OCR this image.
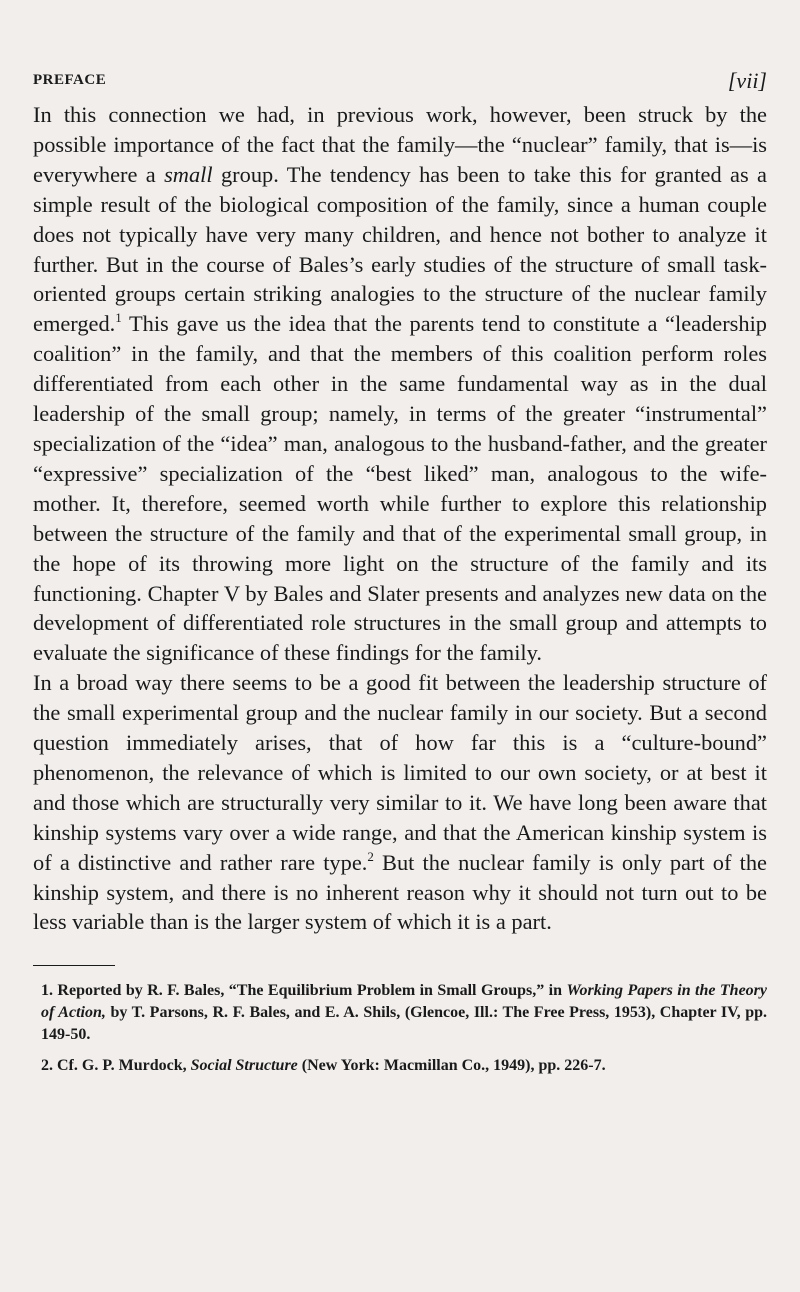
PREFACE	[vii]

In this connection we had, in previous work, however, been struck by the possible importance of the fact that the family—the “nuclear” family, that is—is everywhere a small group. The tendency has been to take this for granted as a simple result of the biological composition of the family, since a human couple does not typically have very many children, and hence not bother to analyze it further. But in the course of Bales’s early studies of the structure of small task-oriented groups certain striking analogies to the structure of the nuclear family emerged.$^1$ This gave us the idea that the parents tend to constitute a “leadership coalition” in the family, and that the members of this coalition perform roles differentiated from each other in the same fundamental way as in the dual leadership of the small group; namely, in terms of the greater “instrumental” specialization of the “idea” man, analogous to the husband-father, and the greater “expressive” specialization of the “best liked” man, analogous to the wife-mother. It, therefore, seemed worth while further to explore this relationship between the structure of the family and that of the experimental small group, in the hope of its throwing more light on the structure of the family and its functioning. Chapter V by Bales and Slater presents and analyzes new data on the development of differentiated role structures in the small group and attempts to evaluate the significance of these findings for the family.

In a broad way there seems to be a good fit between the leadership structure of the small experimental group and the nuclear family in our society. But a second question immediately arises, that of how far this is a “culture-bound” phenomenon, the relevance of which is limited to our own society, or at best it and those which are structurally very similar to it. We have long been aware that kinship systems vary over a wide range, and that the American kinship system is of a distinctive and rather rare type.$^2$ But the nuclear family is only part of the kinship system, and there is no inherent reason why it should not turn out to be less variable than is the larger system of which it is a part.

1. Reported by R. F. Bales, “The Equilibrium Problem in Small Groups,” in Working Papers in the Theory of Action, by T. Parsons, R. F. Bales, and E. A. Shils, (Glencoe, Ill.: The Free Press, 1953), Chapter IV, pp. 149-50.

2. Cf. G. P. Murdock, Social Structure (New York: Macmillan Co., 1949), pp. 226-7.
